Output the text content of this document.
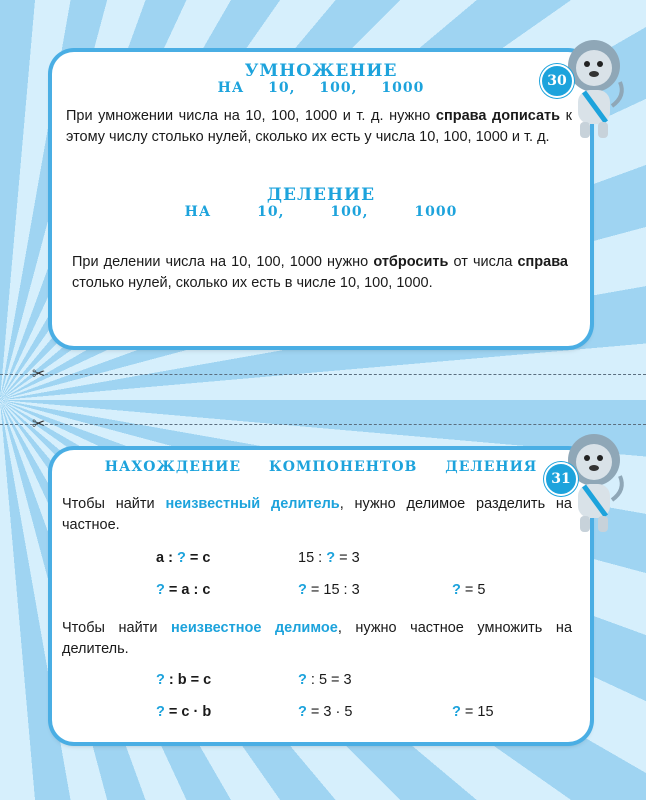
✂
✂

УМНОЖЕНИЕ

НА 10, 100, 1000

При умножении числа на 10, 100, 1000 и т. д. нужно справа дописать к этому числу столько нулей, сколько их есть у числа 10, 100, 1000 и т. д.

ДЕЛЕНИЕ

НА 10, 100, 1000

При делении числа на 10, 100, 1000 нужно отбросить от числа справа столько нулей, сколько их есть в числе 10, 100, 1000.

НАХОЖДЕНИЕ КОМПОНЕНТОВ ДЕЛЕНИЯ

Чтобы найти неизвестный делитель, нужно делимое разделить на частное.

a : ? = c	15 : ? = 3
? = a : c	? = 15 : 3	? = 5

Чтобы найти неизвестное делимое, нужно частное умножить на делитель.

? : b = c	? : 5 = 3
? = c · b	? = 3 · 5	? = 15
30
31
